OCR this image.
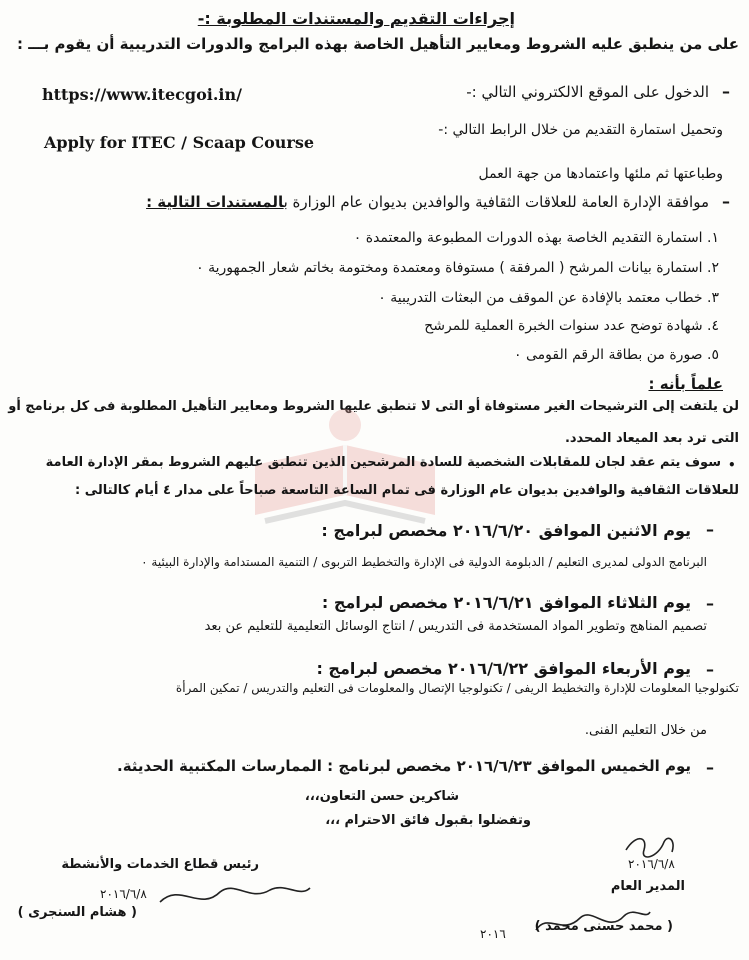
إجراءات التقديم والمستندات المطلوبة :-
على من ينطبق عليه الشروط ومعايير التأهيل الخاصة بهذه البرامج والدورات التدريبية أن يقوم بـــ :
–
الدخول على الموقع الالكتروني التالي :-
https://www.itecgoi.in/
وتحميل استمارة التقديم من خلال الرابط التالي :-
Apply for ITEC / Scaap Course
وطباعتها ثم ملئها واعتمادها من جهة العمل
–
موافقة الإدارة العامة للعلاقات الثقافية والوافدين بديوان عام الوزارة بالمستندات التالية :
١. استمارة التقديم الخاصة بهذه الدورات المطبوعة والمعتمدة ٠
٢. استمارة بيانات المرشح ( المرفقة ) مستوفاة ومعتمدة ومختومة بخاتم شعار الجمهورية ٠
٣. خطاب معتمد بالإفادة عن الموقف من البعثات التدريبية ٠
٤. شهادة توضح عدد سنوات الخبرة العملية للمرشح
٥. صورة من بطاقة الرقم القومى ٠
علماً بأنه :
لن يلتفت إلى الترشيحات الغير مستوفاة أو التى لا تنطبق عليها الشروط ومعايير التأهيل المطلوبة فى كل برنامج أو
التى ترد بعد الميعاد المحدد.
•
سوف يتم عقد لجان للمقابلات الشخصية للسادة المرشحين الذين تنطبق عليهم الشروط بمقر الإدارة العامة
للعلاقات الثقافية والوافدين بديوان عام الوزارة فى تمام الساعة التاسعة صباحاً على مدار ٤ أيام كالتالى :
–
يوم الاثنين الموافق ٢٠١٦/٦/٢٠ مخصص لبرامج :
البرنامج الدولى لمديرى التعليم / الدبلومة الدولية فى الإدارة والتخطيط التربوى / التنمية المستدامة والإدارة البيئية ٠
–
يوم الثلاثاء الموافق ٢٠١٦/٦/٢١ مخصص لبرامج :
تصميم المناهج وتطوير المواد المستخدمة فى التدريس / انتاج الوسائل التعليمية للتعليم عن بعد
–
يوم الأربعاء الموافق ٢٠١٦/٦/٢٢ مخصص لبرامج :
تكنولوجيا المعلومات للإدارة والتخطيط الريفى / تكنولوجيا الإتصال والمعلومات فى التعليم والتدريس / تمكين المرأة
من خلال التعليم الفنى.
–
يوم الخميس الموافق ٢٠١٦/٦/٢٣ مخصص لبرنامج : الممارسات المكتبية الحديثة.
شاكرين حسن التعاون،،،
وتفضلوا بقبول فائق الاحترام ،،،
٢٠١٦/٦/٨
رئيس قطاع الخدمات والأنشطة
٢٠١٦/٦/٨
( هشام السنجرى )
المدير العام
( محمد حسنى محمد )
٢٠١٦
